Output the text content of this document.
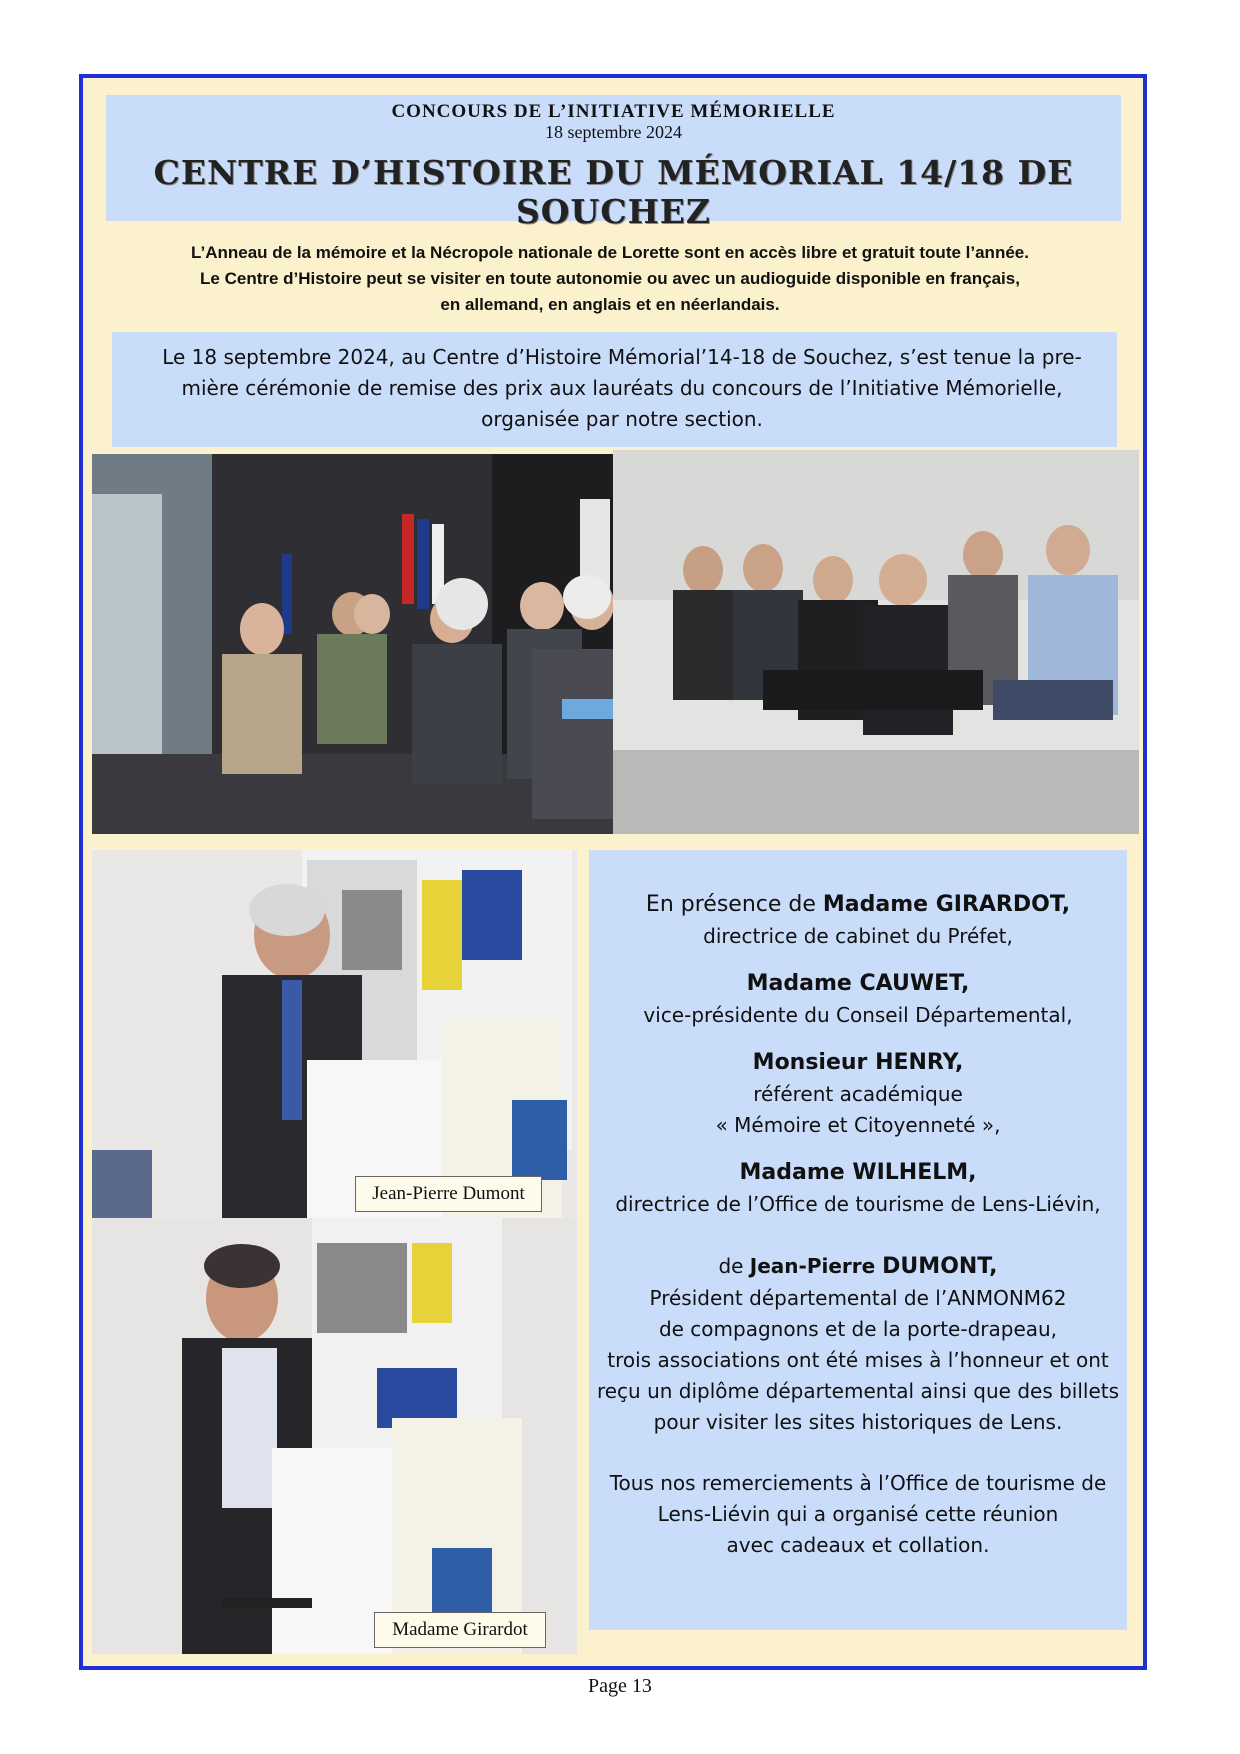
CONCOURS DE L’INITIATIVE MÉMORIELLE
18 septembre 2024
CENTRE D’HISTOIRE DU MÉMORIAL 14/18 DE SOUCHEZ
L’Anneau de la mémoire et la Nécropole nationale de Lorette sont en accès libre et gratuit toute l’année.
Le Centre d’Histoire peut se visiter en toute autonomie ou avec un audioguide disponible en français,
en allemand, en anglais et en néerlandais.
Le 18 septembre 2024, au Centre d’Histoire Mémorial’14-18 de Souchez, s’est tenue la pre-
mière cérémonie de remise des prix aux lauréats du concours de l’Initiative Mémorielle,
organisée par notre section.
Jean-Pierre Dumont
Madame Girardot
En présence de Madame GIRARDOT,
directrice de cabinet du Préfet,
Madame CAUWET,
vice-présidente du Conseil Départemental,
Monsieur HENRY,
référent académique
« Mémoire et Citoyenneté »,
Madame WILHELM,
directrice de l’Office de tourisme de Lens-Liévin,
de Jean-Pierre DUMONT,
Président départemental de l’ANMONM62
de compagnons et de la porte-drapeau,
trois associations ont été mises à l’honneur et ont
reçu un diplôme départemental ainsi que des billets
pour visiter les sites historiques de Lens.
Tous nos remerciements à l’Office de tourisme de
Lens-Liévin qui a organisé cette réunion
avec cadeaux et collation.
Page 13
